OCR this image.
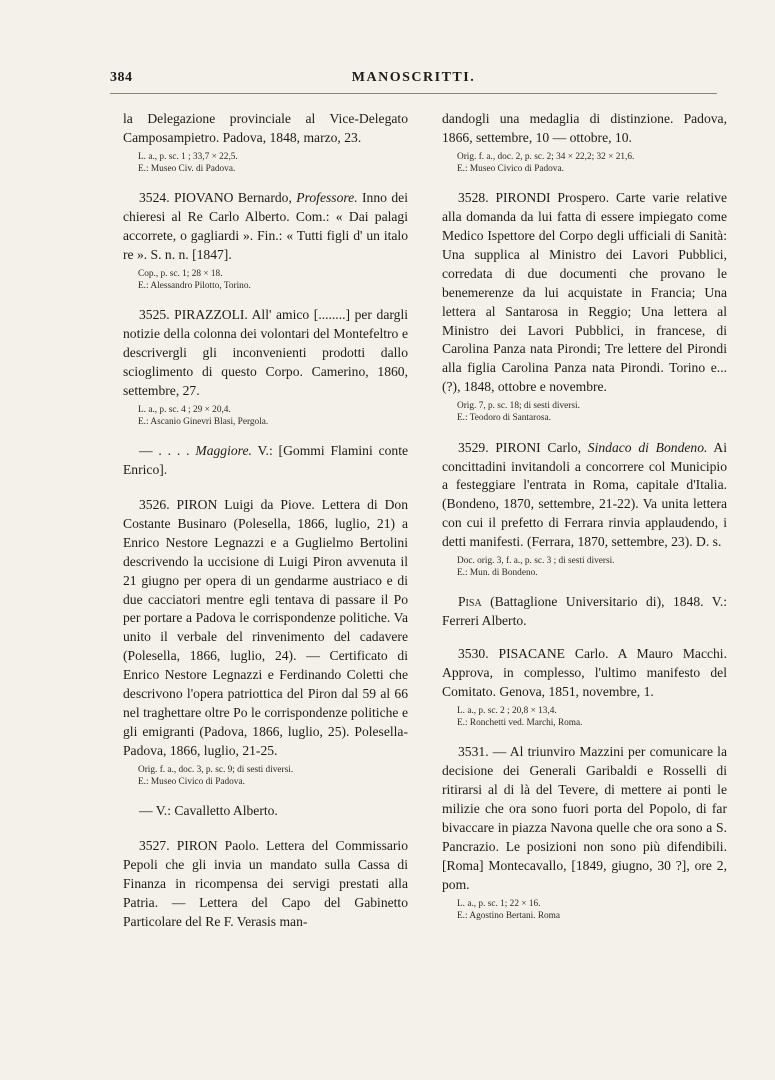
384	MANOSCRITTI.

la Delegazione provinciale al Vice-Delegato Camposampietro. Padova, 1848, marzo, 23.

L. a., p. sc. 1 ; 33,7 × 22,5.
E.: Museo Civ. di Padova.

3524. PIOVANO Bernardo, Professore. Inno dei chieresi al Re Carlo Alberto. Com.: « Dai palagi accorrete, o gagliardi ». Fin.: « Tutti figli d' un italo re ». S. n. n. [1847].

Cop., p. sc. 1; 28 × 18.
E.: Alessandro Pilotto, Torino.

3525. PIRAZZOLI. All' amico [........] per dargli notizie della colonna dei volontari del Montefeltro e descrivergli gli inconvenienti prodotti dallo scioglimento di questo Corpo. Camerino, 1860, settembre, 27.

L. a., p. sc. 4 ; 29 × 20,4.
E.: Ascanio Ginevri Blasi, Pergola.

— . . . . Maggiore. V.: [Gommi Flamini conte Enrico].

3526. PIRON Luigi da Piove. Lettera di Don Costante Businaro (Polesella, 1866, luglio, 21) a Enrico Nestore Legnazzi e a Guglielmo Bertolini descrivendo la uccisione di Luigi Piron avvenuta il 21 giugno per opera di un gendarme austriaco e di due cacciatori mentre egli tentava di passare il Po per portare a Padova le corrispondenze politiche. Va unito il verbale del rinvenimento del cadavere (Polesella, 1866, luglio, 24). — Certificato di Enrico Nestore Legnazzi e Ferdinando Coletti che descrivono l'opera patriottica del Piron dal 59 al 66 nel traghettare oltre Po le corrispondenze politiche e gli emigranti (Padova, 1866, luglio, 25). Polesella-Padova, 1866, luglio, 21-25.

Orig. f. a., doc. 3, p. sc. 9; di sesti diversi.
E.: Museo Civico di Padova.

— V.: Cavalletto Alberto.

3527. PIRON Paolo. Lettera del Commissario Pepoli che gli invia un mandato sulla Cassa di Finanza in ricompensa dei servigi prestati alla Patria. — Lettera del Capo del Gabinetto Particolare del Re F. Verasis man-

dandogli una medaglia di distinzione. Padova, 1866, settembre, 10 — ottobre, 10.

Orig. f. a., doc. 2, p. sc. 2; 34 × 22,2; 32 × 21,6.
E.: Museo Civico di Padova.

3528. PIRONDI Prospero. Carte varie relative alla domanda da lui fatta di essere impiegato come Medico Ispettore del Corpo degli ufficiali di Sanità: Una supplica al Ministro dei Lavori Pubblici, corredata di due documenti che provano le benemerenze da lui acquistate in Francia; Una lettera al Santarosa in Reggio; Una lettera al Ministro dei Lavori Pubblici, in francese, di Carolina Panza nata Pirondi; Tre lettere del Pirondi alla figlia Carolina Panza nata Pirondi. Torino e... (?), 1848, ottobre e novembre.

Orig. 7, p. sc. 18; di sesti diversi.
E.: Teodoro di Santarosa.

3529. PIRONI Carlo, Sindaco di Bondeno. Ai concittadini invitandoli a concorrere col Municipio a festeggiare l'entrata in Roma, capitale d'Italia. (Bondeno, 1870, settembre, 21-22). Va unita lettera con cui il prefetto di Ferrara rinvia applaudendo, i detti manifesti. (Ferrara, 1870, settembre, 23). D. s.

Doc. orig. 3, f. a., p. sc. 3 ; di sesti diversi.
E.: Mun. di Bondeno.

Pisa (Battaglione Universitario di), 1848. V.: Ferreri Alberto.

3530. PISACANE Carlo. A Mauro Macchi. Approva, in complesso, l'ultimo manifesto del Comitato. Genova, 1851, novembre, 1.

L. a., p. sc. 2 ; 20,8 × 13,4.
E.: Ronchetti ved. Marchi, Roma.

3531. — Al triunviro Mazzini per comunicare la decisione dei Generali Garibaldi e Rosselli di ritirarsi al di là del Tevere, di mettere ai ponti le milizie che ora sono fuori porta del Popolo, di far bivaccare in piazza Navona quelle che ora sono a S. Pancrazio. Le posizioni non sono più difendibili. [Roma] Montecavallo, [1849, giugno, 30 ?], ore 2, pom.

L. a., p. sc. 1; 22 × 16.
E.: Agostino Bertani. Roma
